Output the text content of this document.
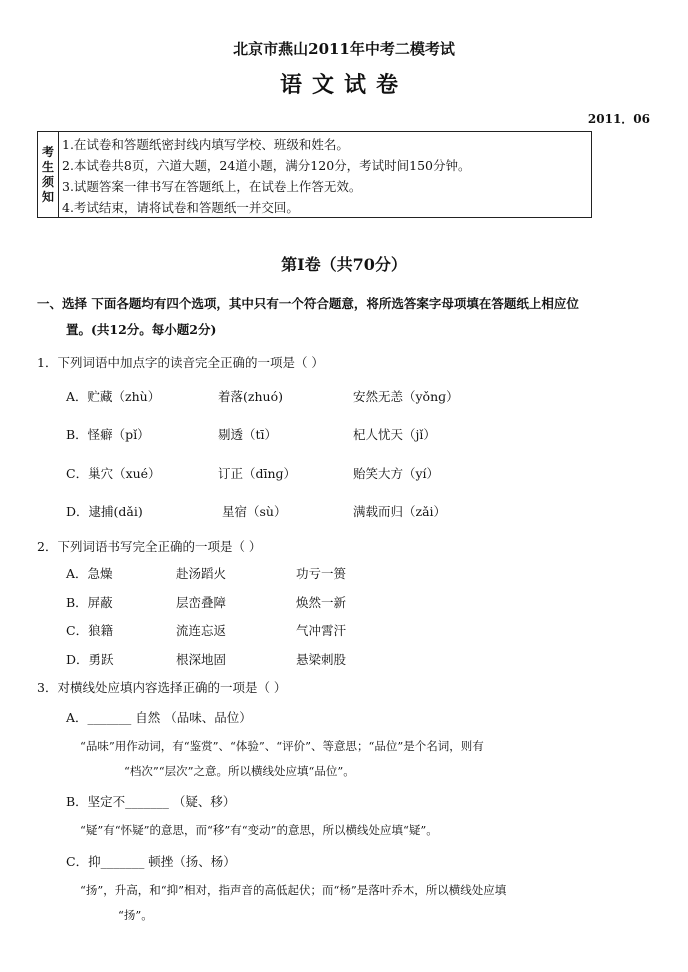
北京市燕山2011年中考二模考试
语文试卷
2011．06
考
生
须
知
1.在试卷和答题纸密封线内填写学校、班级和姓名。
2.本试卷共8页，六道大题，24道小题，满分120分，考试时间150分钟。
3.试题答案一律书写在答题纸上，在试卷上作答无效。
4.考试结束，请将试卷和答题纸一并交回。
第Ⅰ卷（共70分）
一、选择 下面各题均有四个选项，其中只有一个符合题意，将所选答案字母项填在答题纸上相应位
置。(共12分。每小题2分)
1．下列词语中加点字的读音完全正确的一项是（ ）
A．贮藏（zhù）	着落(zhuó)	安然无恙（yǒnɡ）
B．怪癖（pǐ）	剔透（tī）	杞人忧天（jǐ）
C．巢穴（xué）	订正（dīnɡ）	贻笑大方（yí）
D．逮捕(dǎi)	星宿（sù）	满载而归（zǎi）
2．下列词语书写完全正确的一项是（ ）
A．急燥	赴汤蹈火	功亏一篑
B．屏蔽	层峦叠障	焕然一新
C．狼籍	流连忘返	气冲霄汗
D．勇跃	根深地固	悬梁刺股
3．对横线处应填内容选择正确的一项是（ ）
A．_______ 自然 （品味、品位）
“品味”用作动词，有“鉴赏”、“体验”、“评价”、等意思；“品位”是个名词，则有
“档次”“层次”之意。所以横线处应填“品位”。
B．坚定不_______ （疑、移）
“疑”有“怀疑”的意思，而“移”有“变动”的意思，所以横线处应填“疑”。
C．抑_______ 顿挫（扬、杨）
“扬”，升高，和“抑”相对，指声音的高低起伏；而“杨”是落叶乔木，所以横线处应填
“扬”。
